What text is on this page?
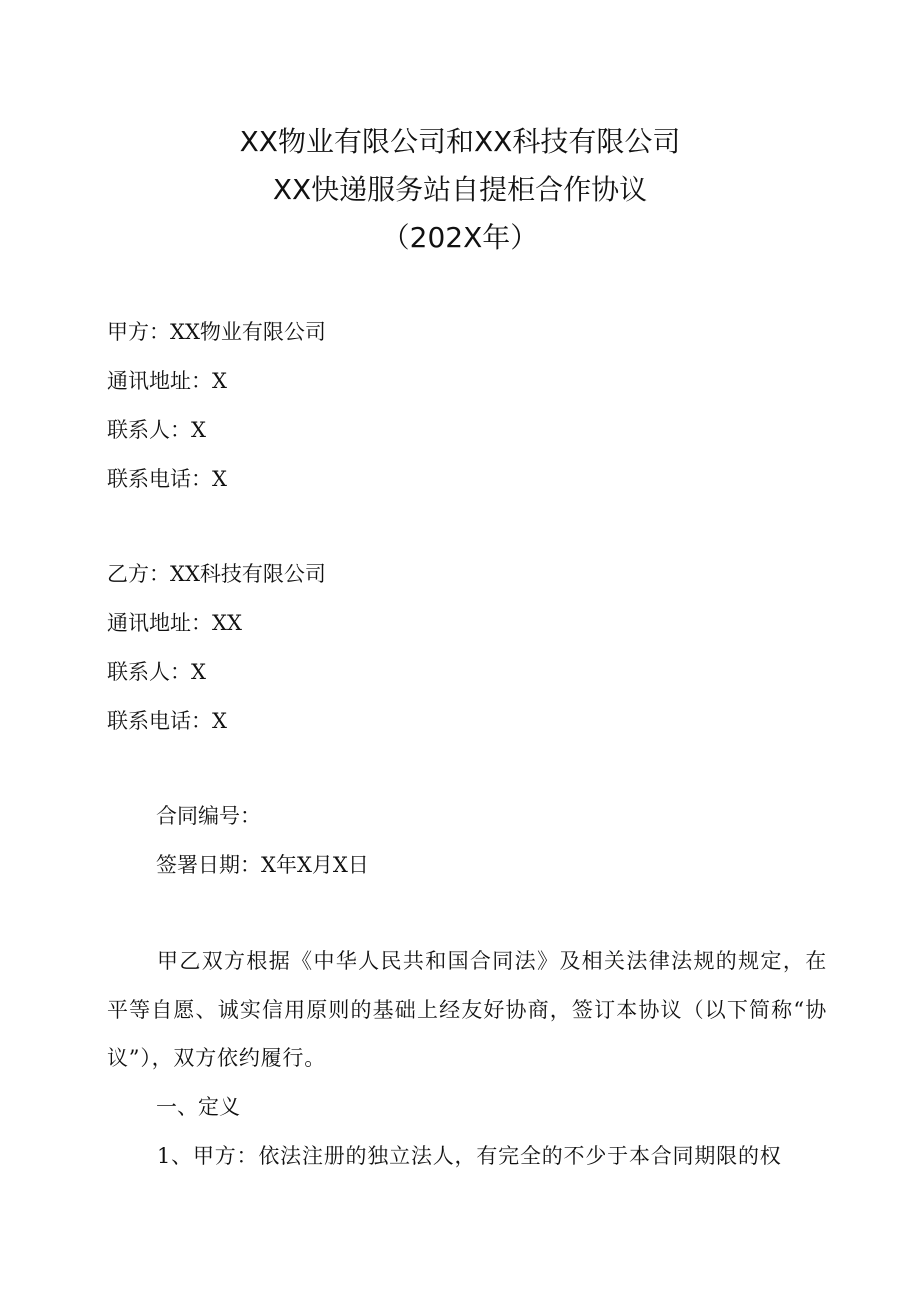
XX物业有限公司和XX科技有限公司
XX快递服务站自提柜合作协议
（202X年）
甲方：XX物业有限公司
通讯地址：X
联系人：X
联系电话：X
乙方：XX科技有限公司
通讯地址：XX
联系人：X
联系电话：X
合同编号：
签署日期：X年X月X日
甲乙双方根据《中华人民共和国合同法》及相关法律法规的规定，在平等自愿、诚实信用原则的基础上经友好协商，签订本协议（以下简称“协议”），双方依约履行。
一、定义
1、甲方：依法注册的独立法人，有完全的不少于本合同期限的权
